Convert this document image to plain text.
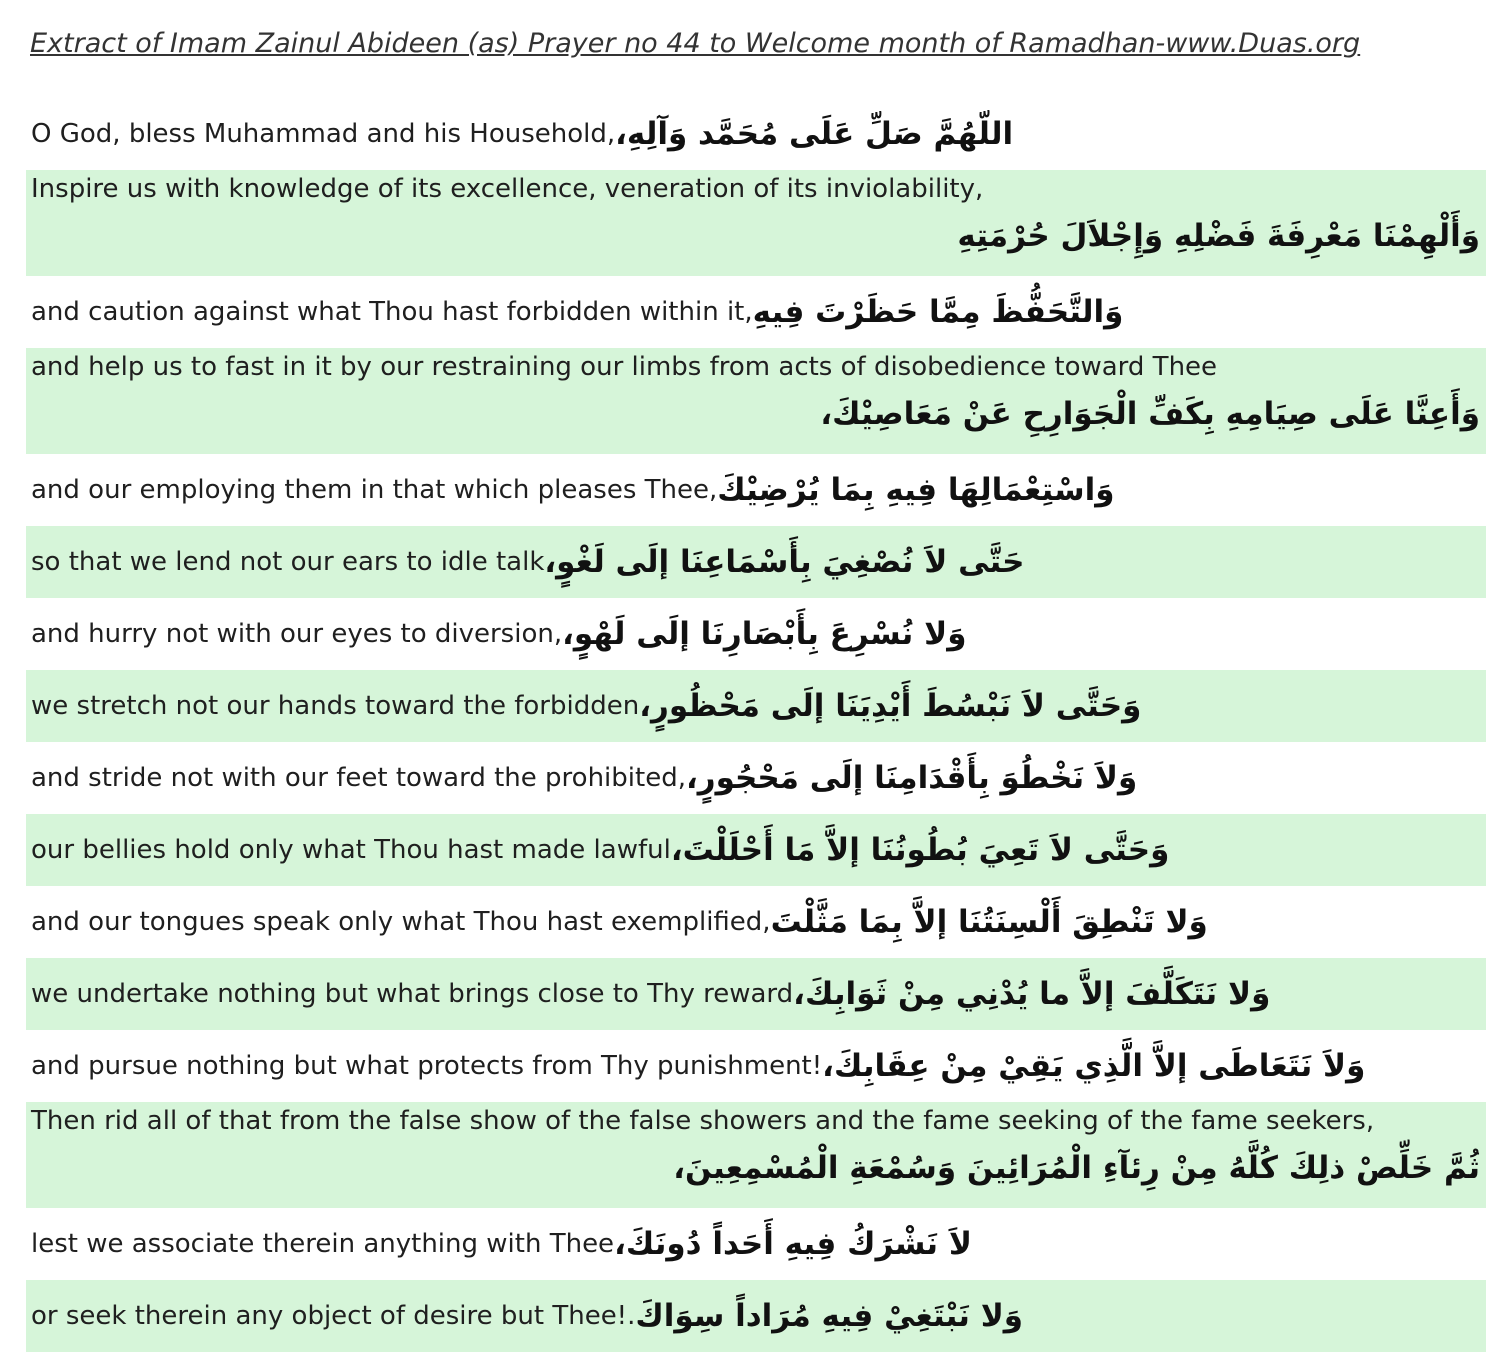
Extract of Imam Zainul Abideen (as) Prayer no 44 to Welcome month of Ramadhan-www.Duas.org
O God, bless Muhammad and his Household, اللّهُمَّ صَلِّ عَلَى مُحَمَّد وَآلِهِ،
Inspire us with knowledge of its excellence, veneration of its inviolability,
وَأَلْهِمْنَا مَعْرِفَةَ فَضْلِهِ وَإِجْلاَلَ حُرْمَتِهِ
and caution against what Thou hast forbidden within it, وَالتَّحَفُّظَ مِمَّا حَظَرْتَ فِيهِ
and help us to fast in it by our restraining our limbs from acts of disobedience toward Thee
وَأَعِنَّا عَلَى صِيَامِهِ بِكَفِّ الْجَوَارِحِ عَنْ مَعَاصِيْكَ،
and our employing them in that which pleases Thee, وَاسْتِعْمَالِهَا فِيهِ بِمَا يُرْضِيْكَ
so that we lend not our ears to idle talk حَتَّى لاَ نُصْغِيَ بِأَسْمَاعِنَا إلَى لَغْوٍ،
and hurry not with our eyes to diversion, وَلا نُسْرِعَ بِأَبْصَارِنَا إلَى لَهْوٍ،
we stretch not our hands toward the forbidden وَحَتَّى لاَ نَبْسُطَ أَيْدِيَنَا إلَى مَحْظُورٍ،
and stride not with our feet toward the prohibited, وَلاَ نَخْطُوَ بِأَقْدَامِنَا إلَى مَحْجُورٍ،
our bellies hold only what Thou hast made lawful وَحَتَّى لاَ تَعِيَ بُطُونُنَا إلاَّ مَا أَحْلَلْتَ،
and our tongues speak only what Thou hast exemplified, وَلا تَنْطِقَ أَلْسِنَتُنَا إلاَّ بِمَا مَثَّلْتَ
we undertake nothing but what brings close to Thy reward وَلا نَتَكَلَّفَ إلاَّ ما يُدْنِي مِنْ ثَوَابِكَ،
and pursue nothing but what protects from Thy punishment! وَلاَ نَتَعَاطَى إلاَّ الَّذِي يَقِيْ مِنْ عِقَابِكَ،
Then rid all of that from the false show of the false showers and the fame seeking of the fame seekers,
ثُمَّ خَلِّصْ ذلِكَ كُلَّهُ مِنْ رِئآءِ الْمُرَائِينَ وَسُمْعَةِ الْمُسْمِعِينَ،
lest we associate therein anything with Thee لاَ نَشْرَكُ فِيهِ أَحَداً دُونَكَ،
or seek therein any object of desire but Thee!. وَلا نَبْتَغِيْ فِيهِ مُرَاداً سِوَاكَ
